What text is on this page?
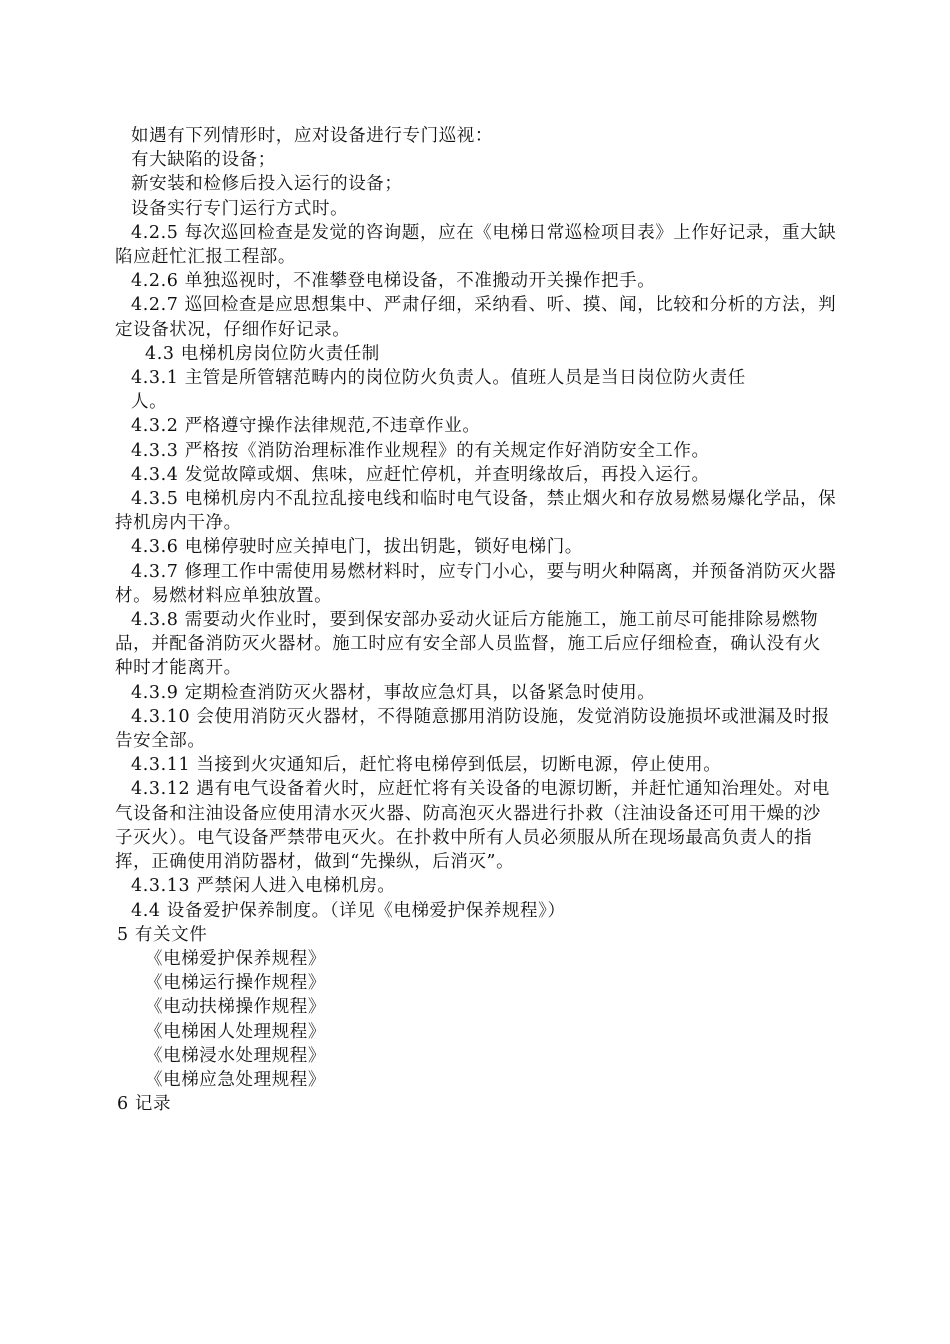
如遇有下列情形时，应对设备进行专门巡视：

有大缺陷的设备；

新安装和检修后投入运行的设备；

设备实行专门运行方式时。

4.2.5 每次巡回检查是发觉的咨询题，应在《电梯日常巡检项目表》上作好记录，重大缺陷应赶忙汇报工程部。

4.2.6 单独巡视时，不准攀登电梯设备，不准搬动开关操作把手。

4.2.7 巡回检查是应思想集中、严肃仔细，采纳看、听、摸、闻，比较和分析的方法，判定设备状况，仔细作好记录。

4.3 电梯机房岗位防火责任制

4.3.1 主管是所管辖范畴内的岗位防火负责人。值班人员是当日岗位防火责任

人。

4.3.2 严格遵守操作法律规范,不违章作业。

4.3.3 严格按《消防治理标准作业规程》的有关规定作好消防安全工作。

4.3.4 发觉故障或烟、焦味，应赶忙停机，并查明缘故后，再投入运行。

4.3.5 电梯机房内不乱拉乱接电线和临时电气设备，禁止烟火和存放易燃易爆化学品，保持机房内干净。

4.3.6 电梯停驶时应关掉电门，拔出钥匙，锁好电梯门。

4.3.7 修理工作中需使用易燃材料时，应专门小心，要与明火种隔离，并预备消防灭火器材。易燃材料应单独放置。

4.3.8 需要动火作业时，要到保安部办妥动火证后方能施工，施工前尽可能排除易燃物品，并配备消防灭火器材。施工时应有安全部人员监督，施工后应仔细检查，确认没有火种时才能离开。

4.3.9 定期检查消防灭火器材，事故应急灯具，以备紧急时使用。

4.3.10 会使用消防灭火器材，不得随意挪用消防设施，发觉消防设施损坏或泄漏及时报告安全部。

4.3.11 当接到火灾通知后，赶忙将电梯停到低层，切断电源，停止使用。

4.3.12 遇有电气设备着火时，应赶忙将有关设备的电源切断，并赶忙通知治理处。对电气设备和注油设备应使用清水灭火器、防高泡灭火器进行扑救（注油设备还可用干燥的沙子灭火）。电气设备严禁带电灭火。在扑救中所有人员必须服从所在现场最高负责人的指挥，正确使用消防器材，做到“先操纵，后消灭”。

4.3.13 严禁闲人进入电梯机房。

4.4 设备爱护保养制度。（详见《电梯爱护保养规程》）

5 有关文件

《电梯爱护保养规程》

《电梯运行操作规程》

《电动扶梯操作规程》

《电梯困人处理规程》

《电梯浸水处理规程》

《电梯应急处理规程》

6 记录
